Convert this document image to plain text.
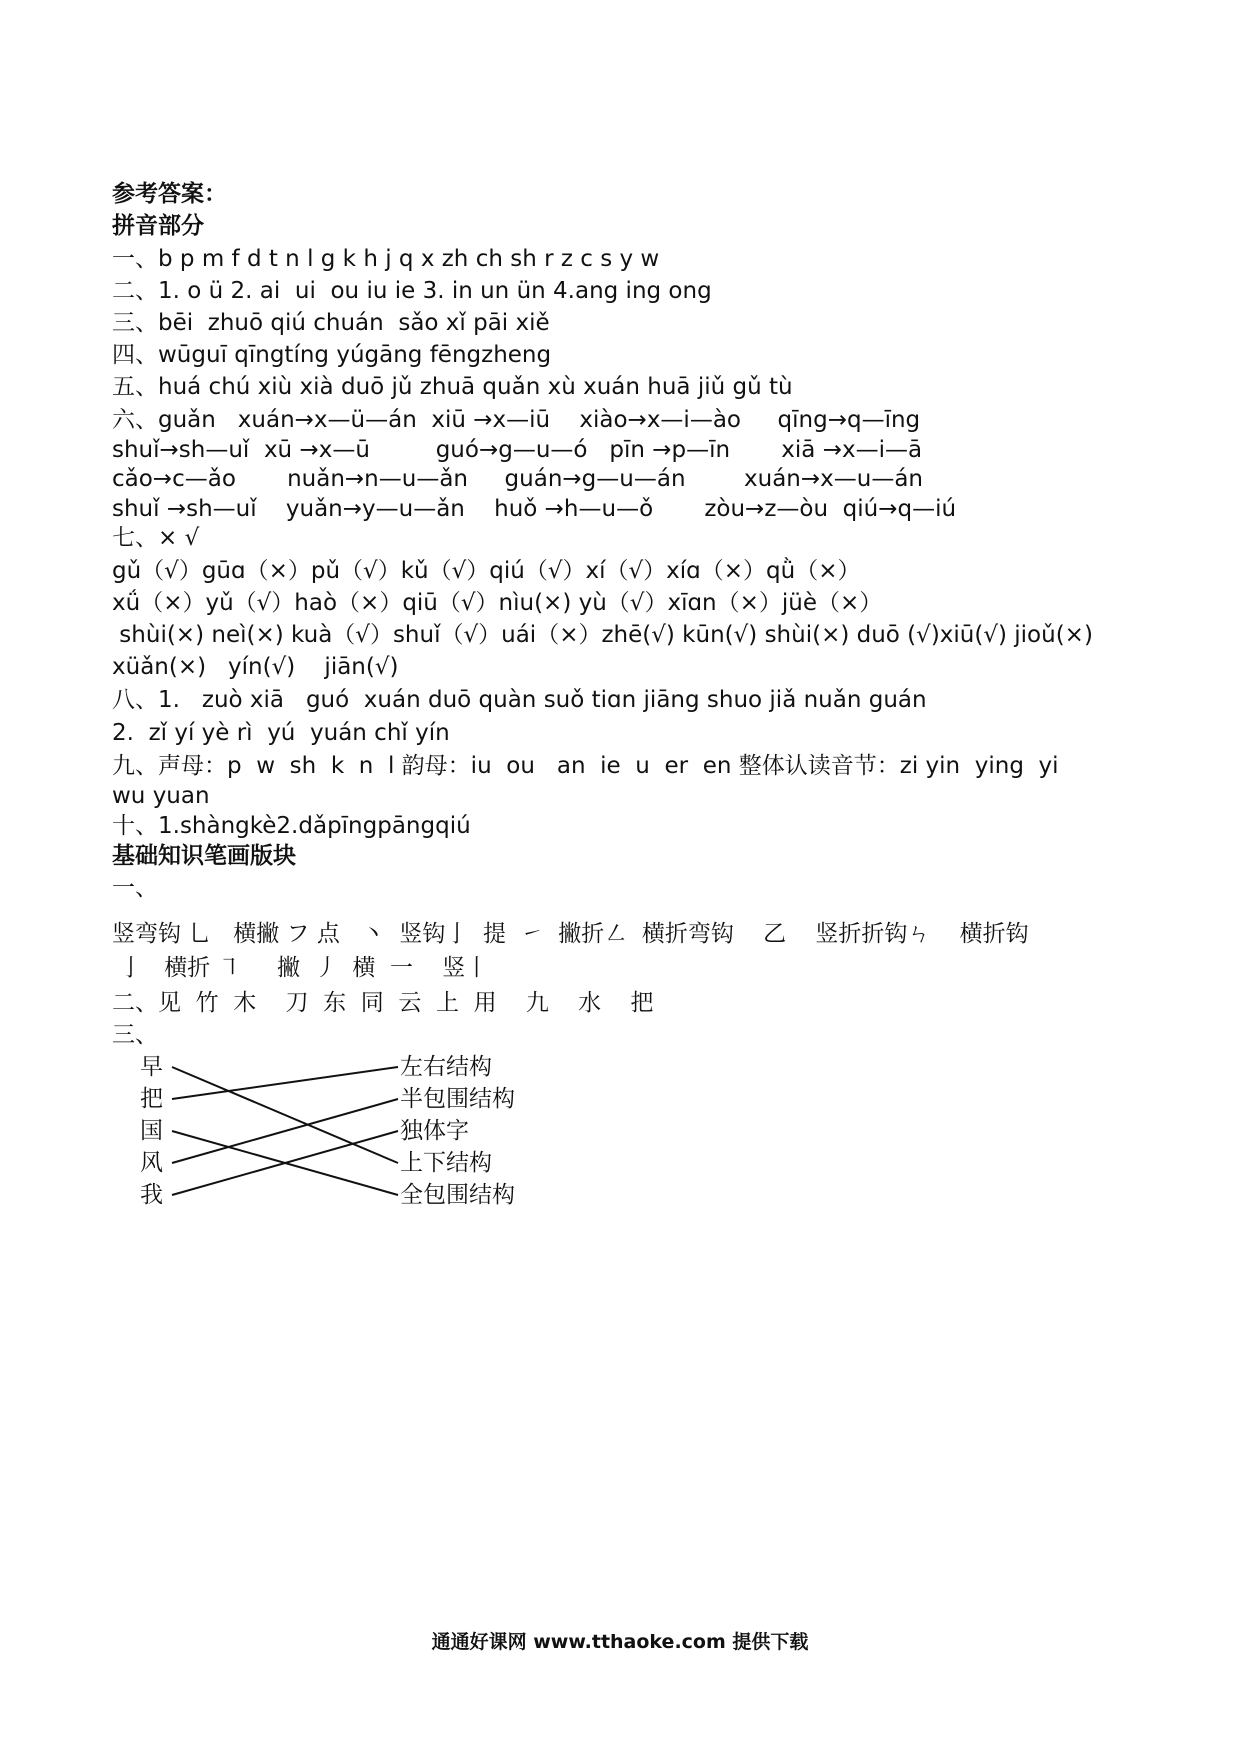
参考答案：
拼音部分
一、b p m f d t n l g k h j q x zh ch sh r z c s y w
二、1. o ü 2. ai  ui  ou iu ie 3. in un ün 4.ang ing ong
三、bēi  zhuō qiú chuán  sǎo xǐ pāi xiě
四、wūguī qīngtíng yúgāng fēngzheng
五、huá chú xiù xià duō jǔ zhuā quǎn xù xuán huā jiǔ gǔ tù
六、guǎn   xuán→x—ü—án  xiū →x—iū    xiào→x—i—ào     qīng→q—īng
shuǐ→sh—uǐ  xū →x—ū         guó→g—u—ó   pīn →p—īn       xiā →x—i—ā
cǎo→c—ǎo       nuǎn→n—u—ǎn     guán→g—u—án        xuán→x—u—án
shuǐ →sh—uǐ    yuǎn→y—u—ǎn    huǒ →h—u—ǒ       zòu→z—òu  qiú→q—iú
七、× √
gǔ（√）gūɑ（×）pǔ（√）kǔ（√）qiú（√）xí（√）xíɑ（×）qǜ（×）
xǘ（×）yǔ（√）haò（×）qiū（√）nìu(×) yù（√）xīɑn（×）jüè（×）
shùi(×) neì(×) kuà（√）shuǐ（√）uái（×）zhē(√) kūn(√) shùi(×) duō (√)xiū(√) jioǔ(×)
xüǎn(×)   yín(√)    jiān(√)
八、1.   zuò xiā   guó  xuán duō quàn suǒ tiɑn jiāng shuo jiǎ nuǎn guán
2.  zǐ yí yè rì  yú  yuán chǐ yín
九、声母：p  w  sh  k  n  l 韵母：iu  ou   an  ie  u  er  en 整体认读音节：zi yin  ying  yi
wu yuan
十、1.shàngkè2.dǎpīngpāngqiú
基础知识笔画版块
一、
竖弯钩 乚   横撇 フ 点   丶  竖钩亅  提  ㇀  撇折㇜  横折弯钩    乙    竖折折钩ㄣ    横折钩
亅   横折 ㇕     撇  丿  横  一    竖丨
二、见  竹  木    刀  东  同  云  上  用    九    水    把
三、
早
把
国
风
我
左右结构
半包围结构
独体字
上下结构
全包围结构
通通好课网 www.tthaoke.com 提供下载
